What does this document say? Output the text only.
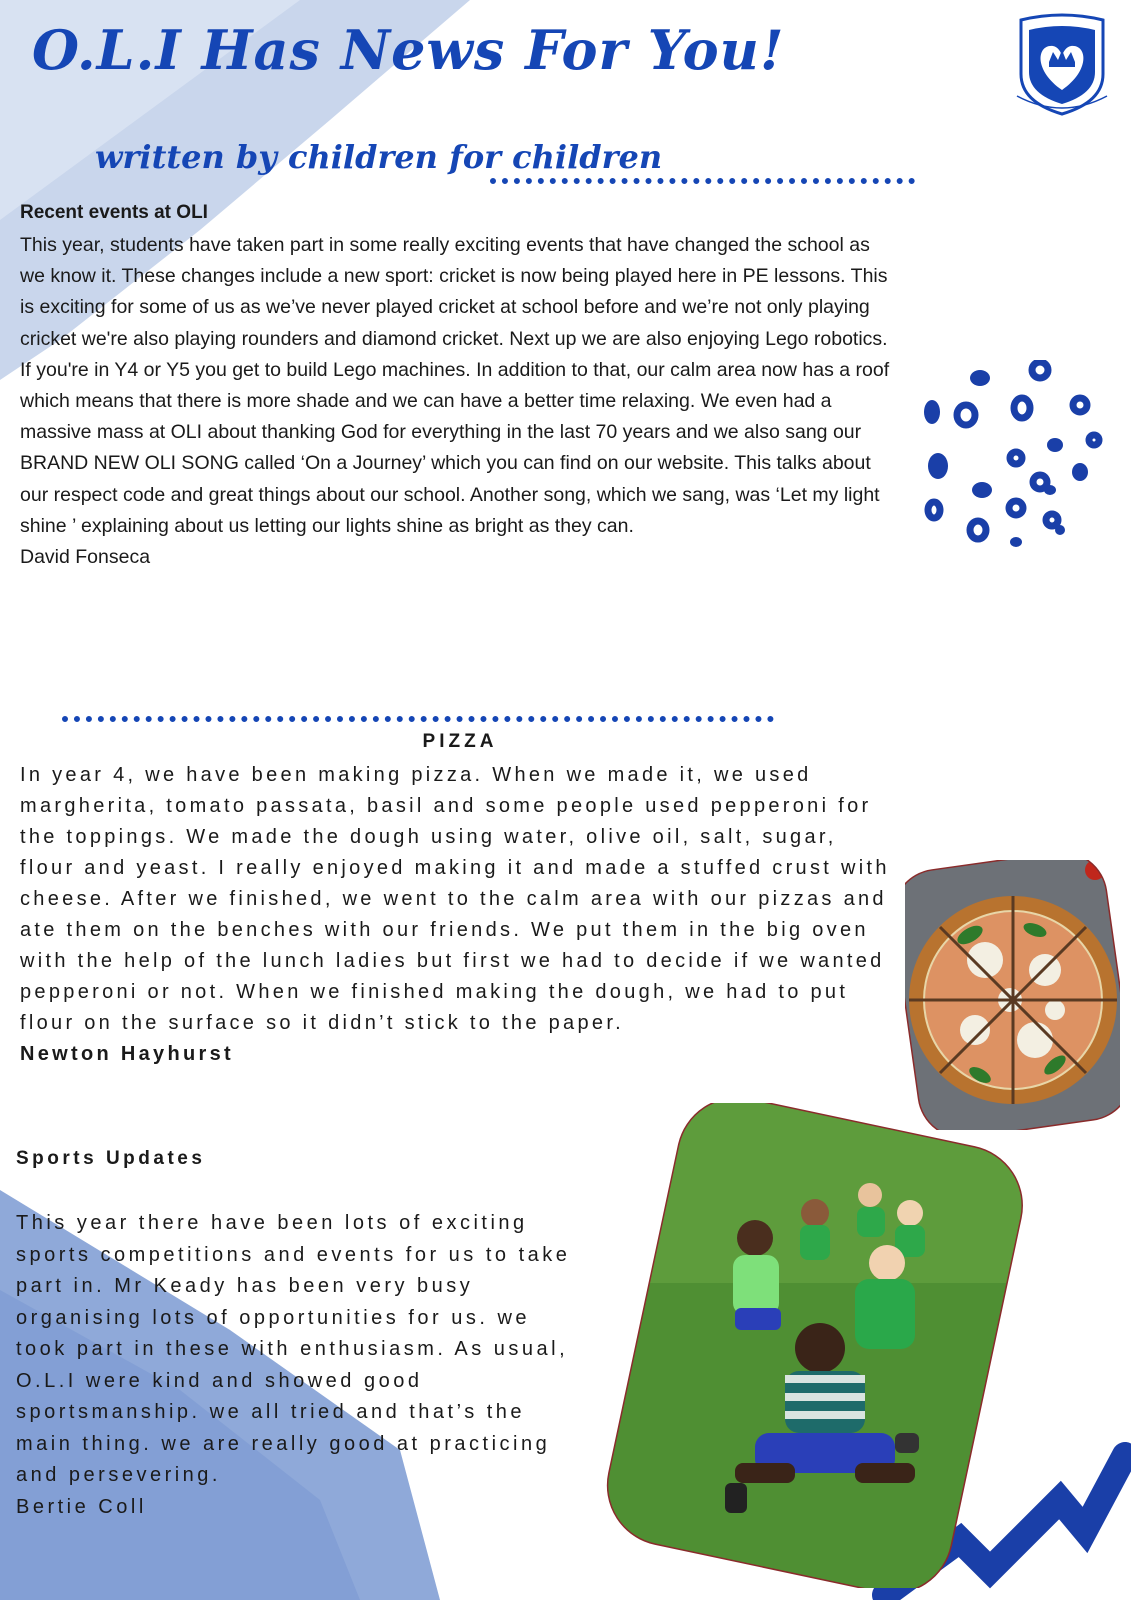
O.L.I Has News For You!
written by children for children
Recent events at OLI

This year, students have taken part in some really exciting events that have changed the school as we know it. These changes include a new sport: cricket is now being played here in PE lessons. This is exciting for some of us as we’ve never played cricket at school before and we’re not only playing cricket we're also playing rounders and diamond cricket. Next up we are also enjoying Lego robotics. If you're in Y4 or Y5 you get to build Lego machines. In addition to that, our calm area now has a roof which means that there is more shade and we can have a better time relaxing. We even had a massive mass at OLI about thanking God for everything in the last 70 years and we also sang our BRAND NEW OLI SONG called ‘On a Journey’ which you can find on our website. This talks about our respect code and great things about our school. Another song, which we sang, was ‘Let my light shine ’ explaining about us letting our lights shine as bright as they can.

David Fonseca

PIZZA
In year 4, we have been making pizza. When we made it, we used margherita, tomato passata, basil and some people used pepperoni for the toppings. We made the dough using water, olive oil, salt, sugar, flour and yeast. I really enjoyed making it and made a stuffed crust with cheese. After we finished, we went to the calm area with our pizzas and ate them on the benches with our friends. We put them in the big oven with the help of the lunch ladies but first we had to decide if we wanted pepperoni or not. When we finished making the dough, we had to put flour on the surface so it didn’t stick to the paper.
Newton Hayhurst
Sports Updates
This year there have been lots of exciting sports competitions and events for us to take part in. Mr Keady has been very busy organising lots of opportunities for us. we took part in these with enthusiasm. As usual, O.L.I were kind and showed good sportsmanship. we all tried and that’s the main thing. we are really good at practicing and persevering.
Bertie Coll
